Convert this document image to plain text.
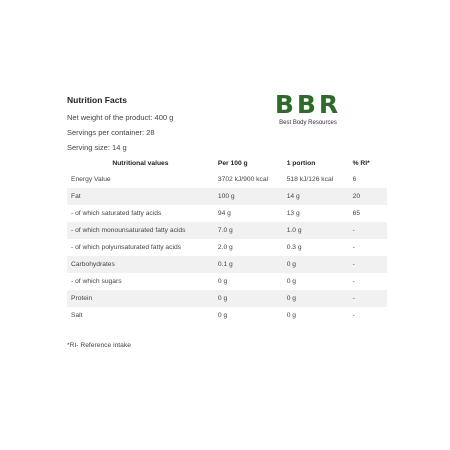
Nutrition Facts
Net weight of the product: 400 g
Servings per container: 28
Serving size: 14 g
BBR
Best Body Resources
Nutritional values	Per 100 g	1 portion	% RI*
Energy Value	3702 kJ/900 kcal	518 kJ/126 kcal	6
Fat	100 g	14 g	20
- of which saturated fatty acids	94 g	13 g	65
- of which monounsaturated fatty acids	7.0 g	1.0 g	-
- of which polyunsaturated fatty acids	2.0 g	0.3 g	-
Carbohydrates	0.1 g	0 g	-
- of which sugars	0 g	0 g	-
Protein	0 g	0 g	-
Salt	0 g	0 g	-
*RI- Reference intake
